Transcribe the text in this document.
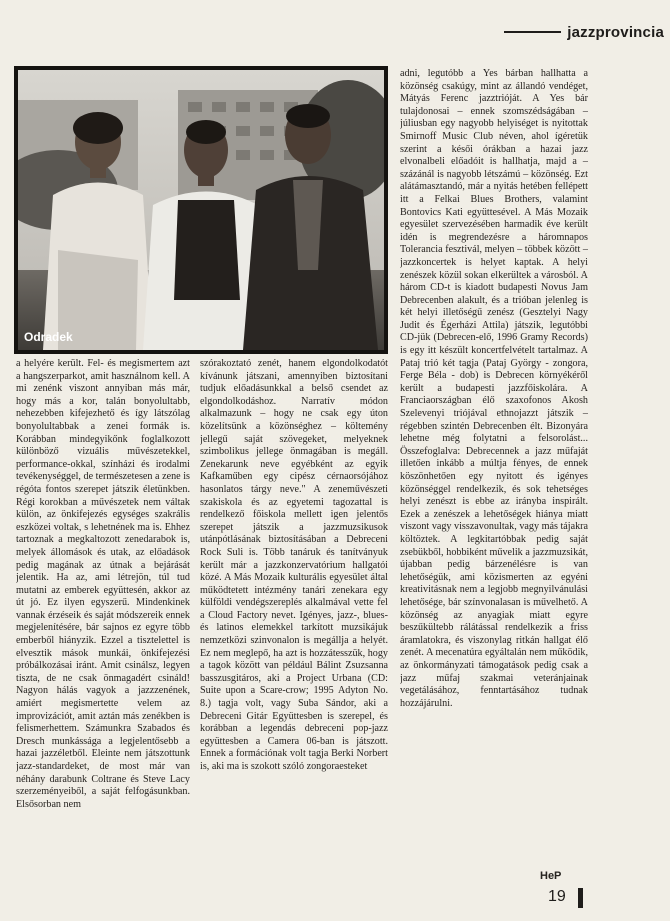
jazzprovincia
Odradek

a helyére került. Fel- és megismertem azt a hangszerparkot, amit használnom kell. A mi zenénk viszont annyiban más már, hogy más a kor, talán bonyolultabb, nehezebben kifejezhető és így látszólag bonyolultabbak a zenei formák is. Korábban mindegyikőnk foglalkozott különböző vizuális művészetekkel, performance-okkal, színházi és irodalmi tevékenységgel, de természetesen a zene is régóta fontos szerepet játszik életünkben. Régi korokban a művészetek nem váltak külön, az önkifejezés egységes szakrális eszközei voltak, s lehetnének ma is. Ehhez tartoznak a megkaltozott zenedarabok is, melyek állomások és utak, az előadások pedig magának az útnak a bejárását jelentik. Ha az, ami létrejön, túl tud mutatni az emberek együttesén, akkor az út jó. Ez ilyen egyszerű. Mindenkinek vannak érzéseik és saját módszereik ennek megjelenítésére, bár sajnos ez egyre több emberből hiányzik. Ezzel a tisztelettel is elvesztik mások munkái, önkifejezési próbálkozásai iránt. Amit csinálsz, legyen tiszta, de ne csak önmagadért csináld! Nagyon hálás vagyok a jazzzenének, amiért megismertette velem az improvizációt, amit aztán más zenékben is felismerhettem. Számunkra Szabados és Dresch munkássága a legjelentősebb a hazai jazzéletből. Eleinte nem játszottunk jazz-standardeket, de most már van néhány darabunk Coltrane és Steve Lacy szerzeményeiből, a saját felfogásunkban. Elsősorban nem

szórakoztató zenét, hanem elgondolkodatót kívánunk játszani, amennyiben biztosítani tudjuk előadásunkkal a belső csendet az elgondolkodáshoz. Narratív módon alkalmazunk – hogy ne csak egy úton közelítsünk a közönséghez – költemény jellegű saját szövegeket, melyeknek szimbolikus jellege önmagában is megáll. Zenekarunk neve egyébként az egyik Kafkaműben egy cipész cérnaorsójához hasonlatos tárgy neve." A zeneművészeti szakiskola és az egyetemi tagozattal is rendelkező főiskola mellett igen jelentős szerepet játszik a jazzmuzsikusok utánpótlásának biztosításában a Debreceni Rock Suli is. Több tanáruk és tanítványuk került már a jazzkonzervatórium hallgatói közé. A Más Mozaik kulturális egyesület által működtetett intézmény tanári zenekara egy külföldi vendégszereplés alkalmával vette fel a Cloud Factory nevet. Igényes, jazz-, blues- és latinos elemekkel tarkított muzsikájuk nemzetközi szinvonalon is megállja a helyét. Ez nem meglepő, ha azt is hozzátesszük, hogy a tagok között van például Bálint Zsuzsanna basszusgitáros, aki a Project Urbana (CD: Suite upon a Scare-crow; 1995 Adyton No. 8.) tagja volt, vagy Suba Sándor, aki a Debreceni Gitár Együttesben is szerepel, és korábban a legendás debreceni pop-jazz együttesben a Camera 06-ban is játszott. Ennek a formációnak volt tagja Berki Norbert is, aki ma is szokott szóló zongoraesteket

adni, legutóbb a Yes bárban hallhatta a közönség csakúgy, mint az állandó vendéget, Mátyás Ferenc jazztrióját. A Yes bár tulajdonosai – ennek szomszédságában – júliusban egy nagyobb helyiséget is nyitottak Smirnoff Music Club néven, ahol ígéretük szerint a késői órákban a hazai jazz elvonalbeli előadóit is hallhatja, majd a – százánál is nagyobb létszámú – közönség. Ezt alátámasztandó, már a nyitás hetében fellépett itt a Felkai Blues Brothers, valamint Bontovics Kati együttesével. A Más Mozaik egyesület szervezésében harmadik éve került idén is megrendezésre a háromnapos Tolerancia fesztivál, melyen – többek között – jazzkoncertek is helyet kaptak. A helyi zenészek közül sokan elkerültek a városból. A három CD-t is kiadott budapesti Novus Jam Debrecenben alakult, és a trióban jelenleg is két helyi illetőségű zenész (Gesztelyi Nagy Judit és Égerházi Attila) játszik, legutóbbi CD-jük (Debrecen-elő, 1996 Gramy Records) is egy itt készült koncertfelvételt tartalmaz. A Pataj trió két tagja (Pataj György - zongora, Ferge Béla - dob) is Debrecen környékéről került a budapesti jazzfőiskolára. A Franciaországban élő szaxofonos Akosh Szelevenyi triójával ethnojazzt játszik – régebben szintén Debrecenben élt. Bizonyára lehetne még folytatni a felsorolást... Összefoglalva: Debrecennek a jazz műfaját illetően inkább a múltja fényes, de ennek köszönhetően egy nyitott és igényes közönséggel rendelkezik, és sok tehetséges helyi zenészt is ebbe az irányba inspirált. Ezek a zenészek a lehetőségek hiánya miatt viszont vagy visszavonultak, vagy más tájakra költöztek. A legkitartóbbak pedig saját zsebükből, hobbiként művelik a jazzmuzsikát, újabban pedig bárzenélésre is van lehetőségük, ami közismerten az egyéni kreativitásnak nem a legjobb megnyilvánulási lehetősége, bár színvonalasan is művelhető. A közönség az anyagiak miatt egyre beszűkültebb rálátással rendelkezik a friss áramlatokra, és viszonylag ritkán hallgat élő zenét. A mecenatúra egyáltalán nem működik, az önkormányzati támogatások pedig csak a jazz műfaj szakmai veteránjainak vegetálásához, fenntartásához tudnak hozzájárulni.

HeP
19
